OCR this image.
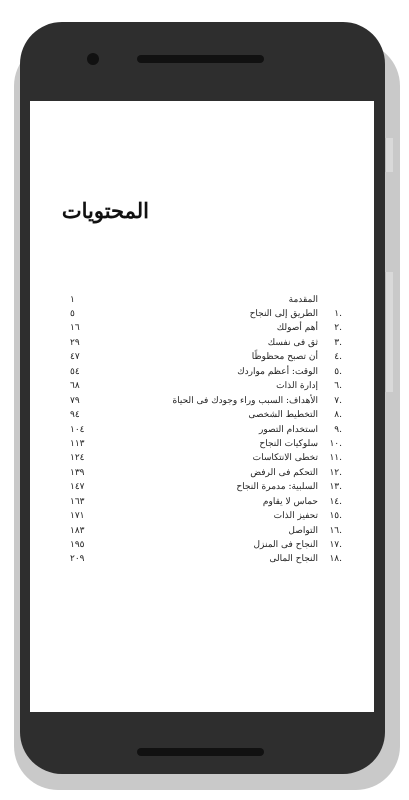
المحتويات
المقدمة
١
.١
الطريق إلى النجاح
٥
.٢
أهم أصولك
١٦
.٣
ثق فى نفسك
٢٩
.٤
أن تصبح محظوظًا
٤٧
.٥
الوقت: أعظم مواردك
٥٤
.٦
إدارة الذات
٦٨
.٧
الأهداف: السبب وراء وجودك فى الحياة
٧٩
.٨
التخطيط الشخصى
٩٤
.٩
استخدام التصور
١٠٤
.١٠
سلوكيات النجاح
١١٣
.١١
تخطى الانتكاسات
١٢٤
.١٢
التحكم فى الرفض
١٣٩
.١٣
السلبية: مدمرة النجاح
١٤٧
.١٤
حماس لا يقاوم
١٦٣
.١٥
تحفيز الذات
١٧١
.١٦
التواصل
١٨٣
.١٧
النجاح فى المنزل
١٩٥
.١٨
النجاح المالى
٢٠٩
